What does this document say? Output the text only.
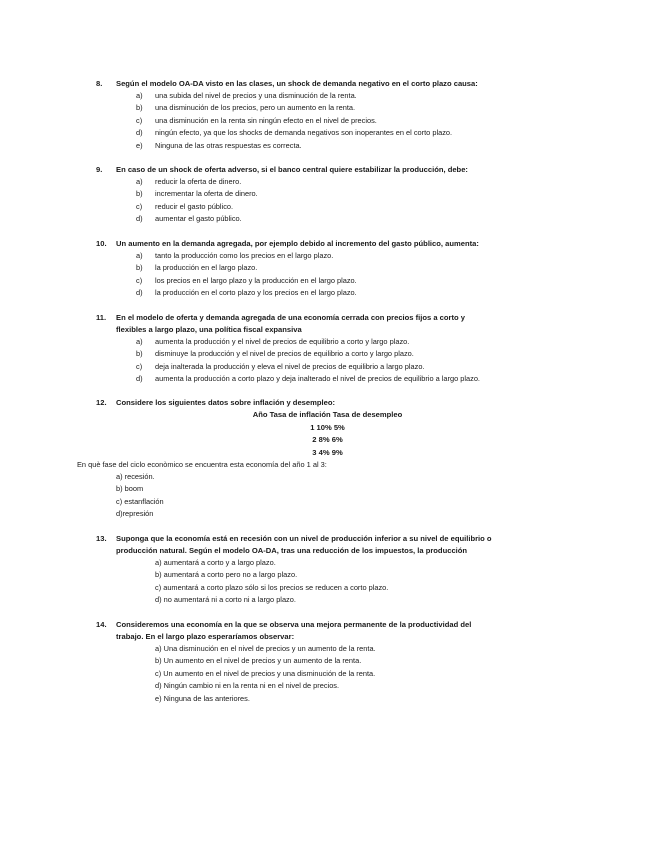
8. Según el modelo OA-DA visto en las clases, un shock de demanda negativo en el corto plazo causa:
a) una subida del nivel de precios y una disminución de la renta.
b) una disminución de los precios, pero un aumento en la renta.
c) una disminución en la renta sin ningún efecto en el nivel de precios.
d) ningún efecto, ya que los shocks de demanda negativos son inoperantes en el corto plazo.
e) Ninguna de las otras respuestas es correcta.
9. En caso de un shock de oferta adverso, si el banco central quiere estabilizar la producción, debe:
a) reducir la oferta de dinero.
b) incrementar la oferta de dinero.
c) reducir el gasto público.
d) aumentar el gasto público.
10. Un aumento en la demanda agregada, por ejemplo debido al incremento del gasto público, aumenta:
a) tanto la producción como los precios en el largo plazo.
b) la producción en el largo plazo.
c) los precios en el largo plazo y la producción en el largo plazo.
d) la producción en el corto plazo y los precios en el largo plazo.
11. En el modelo de oferta y demanda agregada de una economía cerrada con precios fijos a corto y
flexibles a largo plazo, una política fiscal expansiva
a) aumenta la producción y el nivel de precios de equilibrio a corto y largo plazo.
b) disminuye la producción y el nivel de precios de equilibrio a corto y largo plazo.
c) deja inalterada la producción y eleva el nivel de precios de equilibrio a largo plazo.
d) aumenta la producción a corto plazo y deja inalterado el nivel de precios de equilibrio a largo plazo.
12. Considere los siguientes datos sobre inflación y desempleo:
Año Tasa de inflación Tasa de desempleo
1 10% 5%
2 8% 6%
3 4% 9%
En què fase del ciclo econòmico se encuentra esta economía del año 1 al 3:
a) recesión.
b) boom
c) estanflación
d)represión
13. Suponga que la economía está en recesión con un nivel de producción inferior a su nivel de equilibrio o
producción natural. Según el modelo OA-DA, tras una reducción de los impuestos, la producción
a) aumentará a corto y a largo plazo.
b) aumentará a corto pero no a largo plazo.
c) aumentará a corto plazo sólo si los precios se reducen a corto plazo.
d) no aumentará ni a corto ni a largo plazo.
14. Consideremos una economía en la que se observa una mejora permanente de la productividad del
trabajo. En el largo plazo esperaríamos observar:
a) Una disminución en el nivel de precios y un aumento de la renta.
b) Un aumento en el nivel de precios y un aumento de la renta.
c) Un aumento en el nivel de precios y una disminución de la renta.
d) Ningún cambio ni en la renta ni en el nivel de precios.
e) Ninguna de las anteriores.
